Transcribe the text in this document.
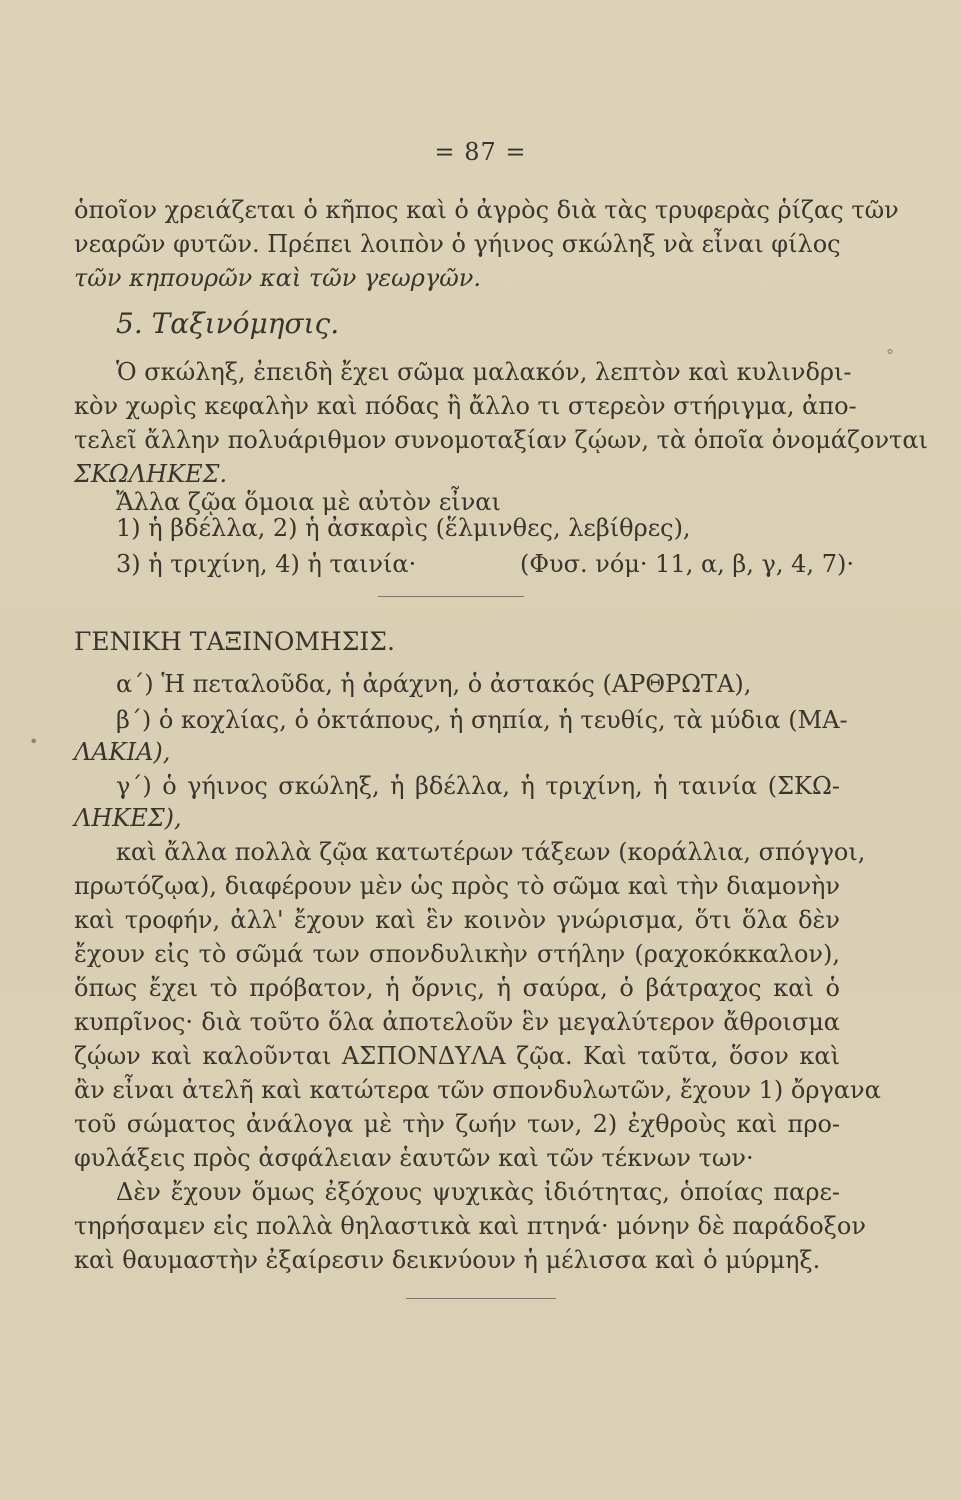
= 87 =
ὁποῖον χρειάζεται ὁ κῆπος καὶ ὁ ἀγρὸς διὰ τὰς τρυφερὰς ῥίζας τῶν
νεαρῶν φυτῶν. Πρέπει λοιπὸν ὁ γήινος σκώληξ νὰ εἶναι φίλος
τῶν κηπουρῶν καὶ τῶν γεωργῶν.
5. Ταξινόμησις.
Ὁ σκώληξ, ἐπειδὴ ἔχει σῶμα μαλακόν, λεπτὸν καὶ κυλινδρι-
κὸν χωρὶς κεφαλὴν καὶ πόδας ἢ ἄλλο τι στερεὸν στήριγμα, ἀπο-
τελεῖ ἄλλην πολυάριθμον συνομοταξίαν ζῴων, τὰ ὁποῖα ὀνομάζονται
ΣΚΩΛΗΚΕΣ.
Ἄλλα ζῷα ὅμοια μὲ αὐτὸν εἶναι
1) ἡ βδέλλα, 2) ἡ ἀσκαρὶς (ἕλμινθες, λεβίθρες),
3) ἡ τριχίνη, 4) ἡ ταινία·	(Φυσ. νόμ· 11, α, β, γ, 4, 7)·
ΓΕΝΙΚΗ ΤΑΞΙΝΟΜΗΣΙΣ.
α΄) Ἡ πεταλοῦδα, ἡ ἀράχνη, ὁ ἀστακός (ΑΡΘΡΩΤΑ),
β΄) ὁ κοχλίας, ὁ ὀκτάπους, ἡ σηπία, ἡ τευθίς, τὰ μύδια (ΜΑ-
ΛΑΚΙΑ),
γ΄) ὁ γήινος σκώληξ, ἡ βδέλλα, ἡ τριχίνη, ἡ ταινία (ΣΚΩ-
ΛΗΚΕΣ),
καὶ ἄλλα πολλὰ ζῷα κατωτέρων τάξεων (κοράλλια, σπόγγοι,
πρωτόζῳα), διαφέρουν μὲν ὡς πρὸς τὸ σῶμα καὶ τὴν διαμονὴν
καὶ τροφήν, ἀλλ' ἔχουν καὶ ἓν κοινὸν γνώρισμα, ὅτι ὅλα δὲν
ἔχουν εἰς τὸ σῶμά των σπονδυλικὴν στήλην (ραχοκόκκαλον),
ὅπως ἔχει τὸ πρόβατον, ἡ ὄρνις, ἡ σαύρα, ὁ βάτραχος καὶ ὁ
κυπρῖνος· διὰ τοῦτο ὅλα ἀποτελοῦν ἓν μεγαλύτερον ἄθροισμα
ζῴων καὶ καλοῦνται ΑΣΠΟΝΔΥΛΑ ζῷα. Καὶ ταῦτα, ὅσον καὶ
ἂν εἶναι ἀτελῆ καὶ κατώτερα τῶν σπονδυλωτῶν, ἔχουν 1) ὄργανα
τοῦ σώματος ἀνάλογα μὲ τὴν ζωήν των, 2) ἐχθροὺς καὶ προ-
φυλάξεις πρὸς ἀσφάλειαν ἑαυτῶν καὶ τῶν τέκνων των·
Δὲν ἔχουν ὅμως ἐξόχους ψυχικὰς ἰδιότητας, ὁποίας παρε-
τηρήσαμεν εἰς πολλὰ θηλαστικὰ καὶ πτηνά· μόνην δὲ παράδοξον
καὶ θαυμαστὴν ἐξαίρεσιν δεικνύουν ἡ μέλισσα καὶ ὁ μύρμηξ.
°
•
